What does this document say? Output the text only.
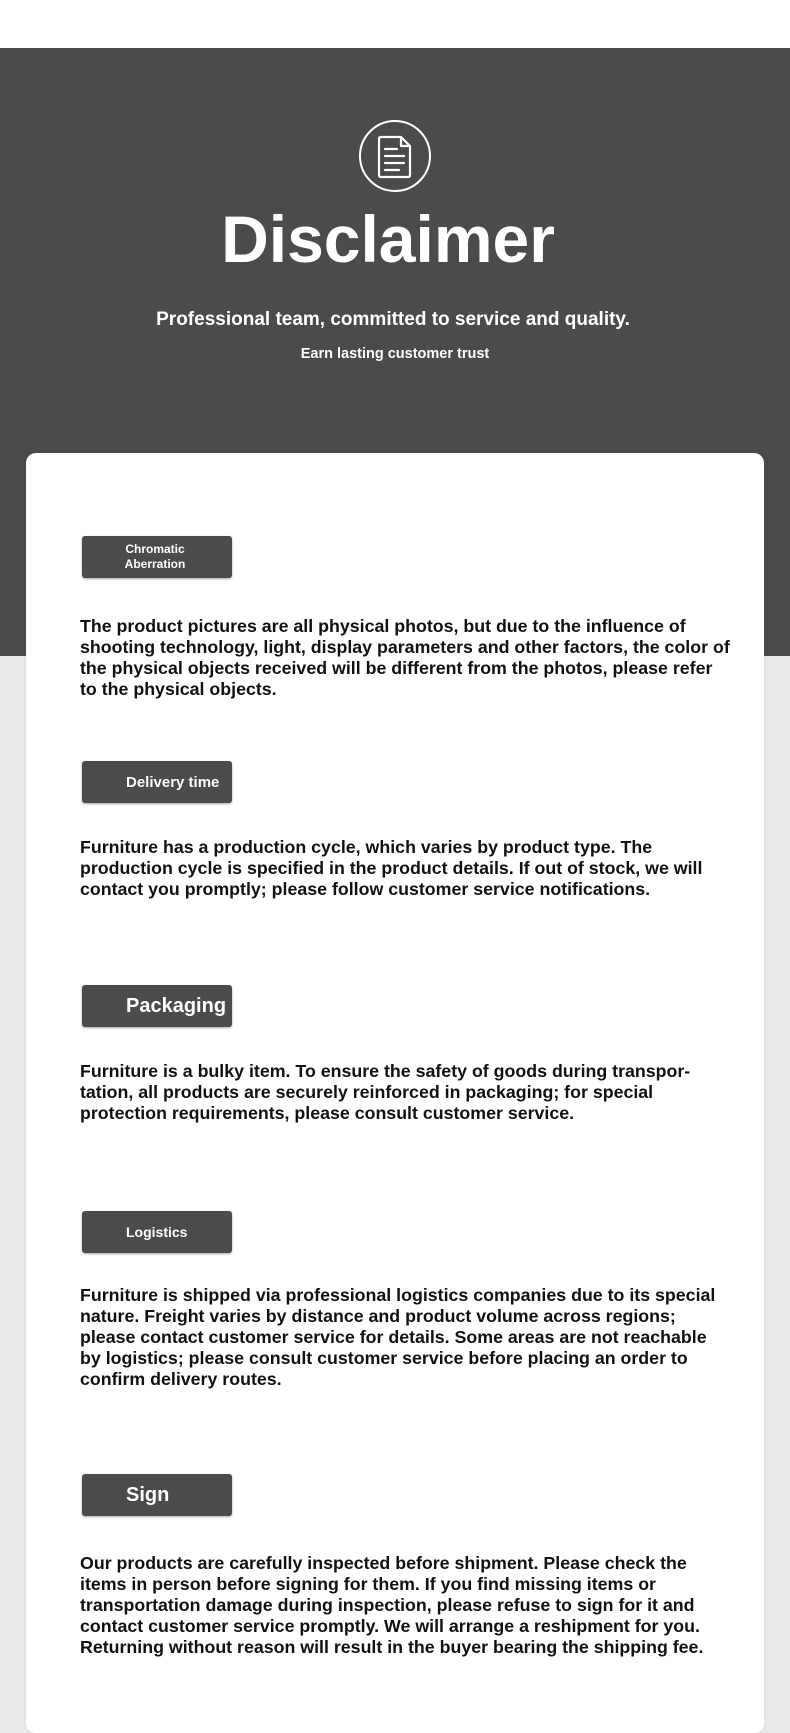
Disclaimer
Professional team, committed to service and quality.
Earn lasting customer trust
Chromatic Aberration

The product pictures are all physical photos, but due to the influence of shooting technology, light, display parameters and other factors, the color of the physical objects received will be different from the photos, please refer to the physical objects.

Delivery time

Furniture has a production cycle, which varies by product type. The production cycle is specified in the product details. If out of stock, we will contact you promptly; please follow customer service notifications.

Packaging

Furniture is a bulky item. To ensure the safety of goods during transpor-tation, all products are securely reinforced in packaging; for special protection requirements, please consult customer service.

Logistics

Furniture is shipped via professional logistics companies due to its special nature. Freight varies by distance and product volume across regions; please contact customer service for details. Some areas are not reachable by logistics; please consult customer service before placing an order to confirm delivery routes.

Sign

Our products are carefully inspected before shipment. Please check the items in person before signing for them. If you find missing items or transportation damage during inspection, please refuse to sign for it and contact customer service promptly. We will arrange a reshipment for you. Returning without reason will result in the buyer bearing the shipping fee.
